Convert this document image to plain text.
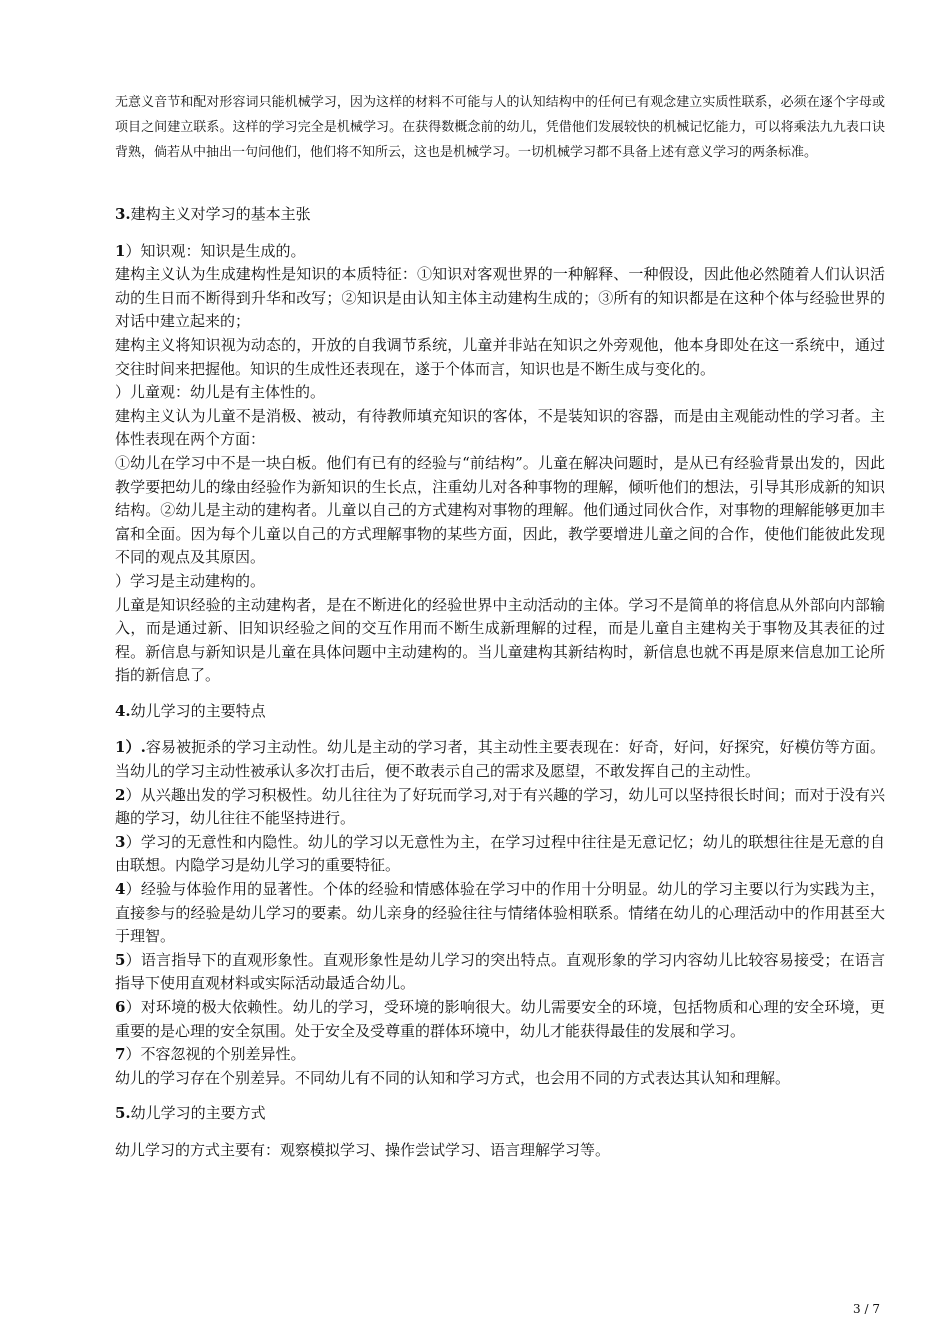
无意义音节和配对形容词只能机械学习，因为这样的材料不可能与人的认知结构中的任何已有观念建立实质性联系，必须在逐个字母或项目之间建立联系。这样的学习完全是机械学习。在获得数概念前的幼儿，凭借他们发展较快的机械记忆能力，可以将乘法九九表口诀背熟，倘若从中抽出一句问他们，他们将不知所云，这也是机械学习。一切机械学习都不具备上述有意义学习的两条标准。

3.建构主义对学习的基本主张

1）知识观：知识是生成的。

建构主义认为生成建构性是知识的本质特征：①知识对客观世界的一种解释、一种假设，因此他必然随着人们认识活动的生日而不断得到升华和改写；②知识是由认知主体主动建构生成的；③所有的知识都是在这种个体与经验世界的对话中建立起来的；

建构主义将知识视为动态的，开放的自我调节系统，儿童并非站在知识之外旁观他，他本身即处在这一系统中，通过交往时间来把握他。知识的生成性还表现在，遂于个体而言，知识也是不断生成与变化的。

）儿童观：幼儿是有主体性的。

建构主义认为儿童不是消极、被动，有待教师填充知识的客体，不是装知识的容器，而是由主观能动性的学习者。主体性表现在两个方面：

①幼儿在学习中不是一块白板。他们有已有的经验与“前结构”。儿童在解决问题时，是从已有经验背景出发的，因此教学要把幼儿的缘由经验作为新知识的生长点，注重幼儿对各种事物的理解，倾听他们的想法，引导其形成新的知识结构。②幼儿是主动的建构者。儿童以自己的方式建构对事物的理解。他们通过同伙合作，对事物的理解能够更加丰富和全面。因为每个儿童以自己的方式理解事物的某些方面，因此，教学要增进儿童之间的合作，使他们能彼此发现不同的观点及其原因。

）学习是主动建构的。

儿童是知识经验的主动建构者，是在不断进化的经验世界中主动活动的主体。学习不是简单的将信息从外部向内部输入，而是通过新、旧知识经验之间的交互作用而不断生成新理解的过程，而是儿童自主建构关于事物及其表征的过程。新信息与新知识是儿童在具体问题中主动建构的。当儿童建构其新结构时，新信息也就不再是原来信息加工论所指的新信息了。

4.幼儿学习的主要特点

1）.容易被扼杀的学习主动性。幼儿是主动的学习者，其主动性主要表现在：好奇，好问，好探究，好模仿等方面。当幼儿的学习主动性被承认多次打击后，便不敢表示自己的需求及愿望，不敢发挥自己的主动性。

2）从兴趣出发的学习积极性。幼儿往往为了好玩而学习,对于有兴趣的学习，幼儿可以坚持很长时间；而对于没有兴趣的学习，幼儿往往不能坚持进行。

3）学习的无意性和内隐性。幼儿的学习以无意性为主，在学习过程中往往是无意记忆；幼儿的联想往往是无意的自由联想。内隐学习是幼儿学习的重要特征。

4）经验与体验作用的显著性。个体的经验和情感体验在学习中的作用十分明显。幼儿的学习主要以行为实践为主，直接参与的经验是幼儿学习的要素。幼儿亲身的经验往往与情绪体验相联系。情绪在幼儿的心理活动中的作用甚至大于理智。

5）语言指导下的直观形象性。直观形象性是幼儿学习的突出特点。直观形象的学习内容幼儿比较容易接受；在语言指导下使用直观材料或实际活动最适合幼儿。

6）对环境的极大依赖性。幼儿的学习，受环境的影响很大。幼儿需要安全的环境，包括物质和心理的安全环境，更重要的是心理的安全氛围。处于安全及受尊重的群体环境中，幼儿才能获得最佳的发展和学习。

7）不容忽视的个别差异性。

幼儿的学习存在个别差异。不同幼儿有不同的认知和学习方式，也会用不同的方式表达其认知和理解。

5.幼儿学习的主要方式

幼儿学习的方式主要有：观察模拟学习、操作尝试学习、语言理解学习等。

3 / 7
